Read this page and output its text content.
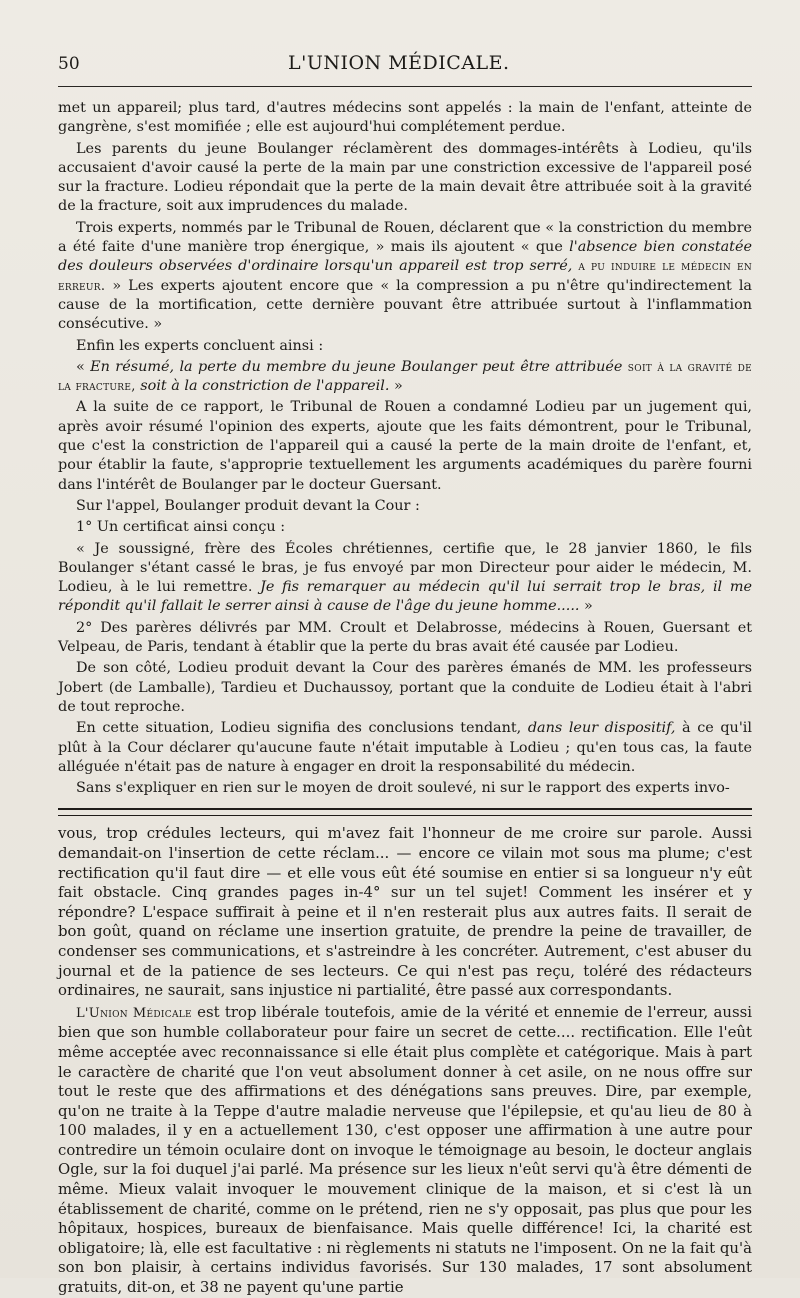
50	L'UNION MÉDICALE.

met un appareil; plus tard, d'autres médecins sont appelés : la main de l'enfant, atteinte de gangrène, s'est momifiée ; elle est aujourd'hui complétement perdue.

Les parents du jeune Boulanger réclamèrent des dommages-intérêts à Lodieu, qu'ils accusaient d'avoir causé la perte de la main par une constriction excessive de l'appareil posé sur la fracture. Lodieu répondait que la perte de la main devait être attribuée soit à la gravité de la fracture, soit aux imprudences du malade.

Trois experts, nommés par le Tribunal de Rouen, déclarent que « la constriction du membre a été faite d'une manière trop énergique, » mais ils ajoutent « que l'absence bien constatée des douleurs observées d'ordinaire lorsqu'un appareil est trop serré, a pu induire le médecin en erreur. » Les experts ajoutent encore que « la compression a pu n'être qu'indirectement la cause de la mortification, cette dernière pouvant être attribuée surtout à l'inflammation consécutive. »

Enfin les experts concluent ainsi :

« En résumé, la perte du membre du jeune Boulanger peut être attribuée soit à la gravité de la fracture, soit à la constriction de l'appareil. »

A la suite de ce rapport, le Tribunal de Rouen a condamné Lodieu par un jugement qui, après avoir résumé l'opinion des experts, ajoute que les faits démontrent, pour le Tribunal, que c'est la constriction de l'appareil qui a causé la perte de la main droite de l'enfant, et, pour établir la faute, s'approprie textuellement les arguments académiques du parère fourni dans l'intérêt de Boulanger par le docteur Guersant.

Sur l'appel, Boulanger produit devant la Cour :

1° Un certificat ainsi conçu :

« Je soussigné, frère des Écoles chrétiennes, certifie que, le 28 janvier 1860, le fils Boulanger s'étant cassé le bras, je fus envoyé par mon Directeur pour aider le médecin, M. Lodieu, à le lui remettre. Je fis remarquer au médecin qu'il lui serrait trop le bras, il me répondit qu'il fallait le serrer ainsi à cause de l'âge du jeune homme..... »

2° Des parères délivrés par MM. Croult et Delabrosse, médecins à Rouen, Guersant et Velpeau, de Paris, tendant à établir que la perte du bras avait été causée par Lodieu.

De son côté, Lodieu produit devant la Cour des parères émanés de MM. les professeurs Jobert (de Lamballe), Tardieu et Duchaussoy, portant que la conduite de Lodieu était à l'abri de tout reproche.

En cette situation, Lodieu signifia des conclusions tendant, dans leur dispositif, à ce qu'il plût à la Cour déclarer qu'aucune faute n'était imputable à Lodieu ; qu'en tous cas, la faute alléguée n'était pas de nature à engager en droit la responsabilité du médecin.

Sans s'expliquer en rien sur le moyen de droit soulevé, ni sur le rapport des experts invo-

vous, trop crédules lecteurs, qui m'avez fait l'honneur de me croire sur parole. Aussi demandait-on l'insertion de cette réclam... — encore ce vilain mot sous ma plume; c'est rectification qu'il faut dire — et elle vous eût été soumise en entier si sa longueur n'y eût fait obstacle. Cinq grandes pages in-4° sur un tel sujet! Comment les insérer et y répondre? L'espace suffirait à peine et il n'en resterait plus aux autres faits. Il serait de bon goût, quand on réclame une insertion gratuite, de prendre la peine de travailler, de condenser ses communications, et s'astreindre à les concréter. Autrement, c'est abuser du journal et de la patience de ses lecteurs. Ce qui n'est pas reçu, toléré des rédacteurs ordinaires, ne saurait, sans injustice ni partialité, être passé aux correspondants.

L'Union Médicale est trop libérale toutefois, amie de la vérité et ennemie de l'erreur, aussi bien que son humble collaborateur pour faire un secret de cette.... rectification. Elle l'eût même acceptée avec reconnaissance si elle était plus complète et catégorique. Mais à part le caractère de charité que l'on veut absolument donner à cet asile, on ne nous offre sur tout le reste que des affirmations et des dénégations sans preuves. Dire, par exemple, qu'on ne traite à la Teppe d'autre maladie nerveuse que l'épilepsie, et qu'au lieu de 80 à 100 malades, il y en a actuellement 130, c'est opposer une affirmation à une autre pour contredire un témoin oculaire dont on invoque le témoignage au besoin, le docteur anglais Ogle, sur la foi duquel j'ai parlé. Ma présence sur les lieux n'eût servi qu'à être démenti de même. Mieux valait invoquer le mouvement clinique de la maison, et si c'est là un établissement de charité, comme on le prétend, rien ne s'y opposait, pas plus que pour les hôpitaux, hospices, bureaux de bienfaisance. Mais quelle différence! Ici, la charité est obligatoire; là, elle est facultative : ni règlements ni statuts ne l'imposent. On ne la fait qu'à son bon plaisir, à certains individus favorisés. Sur 130 malades, 17 sont absolument gratuits, dit-on, et 38 ne payent qu'une partie
